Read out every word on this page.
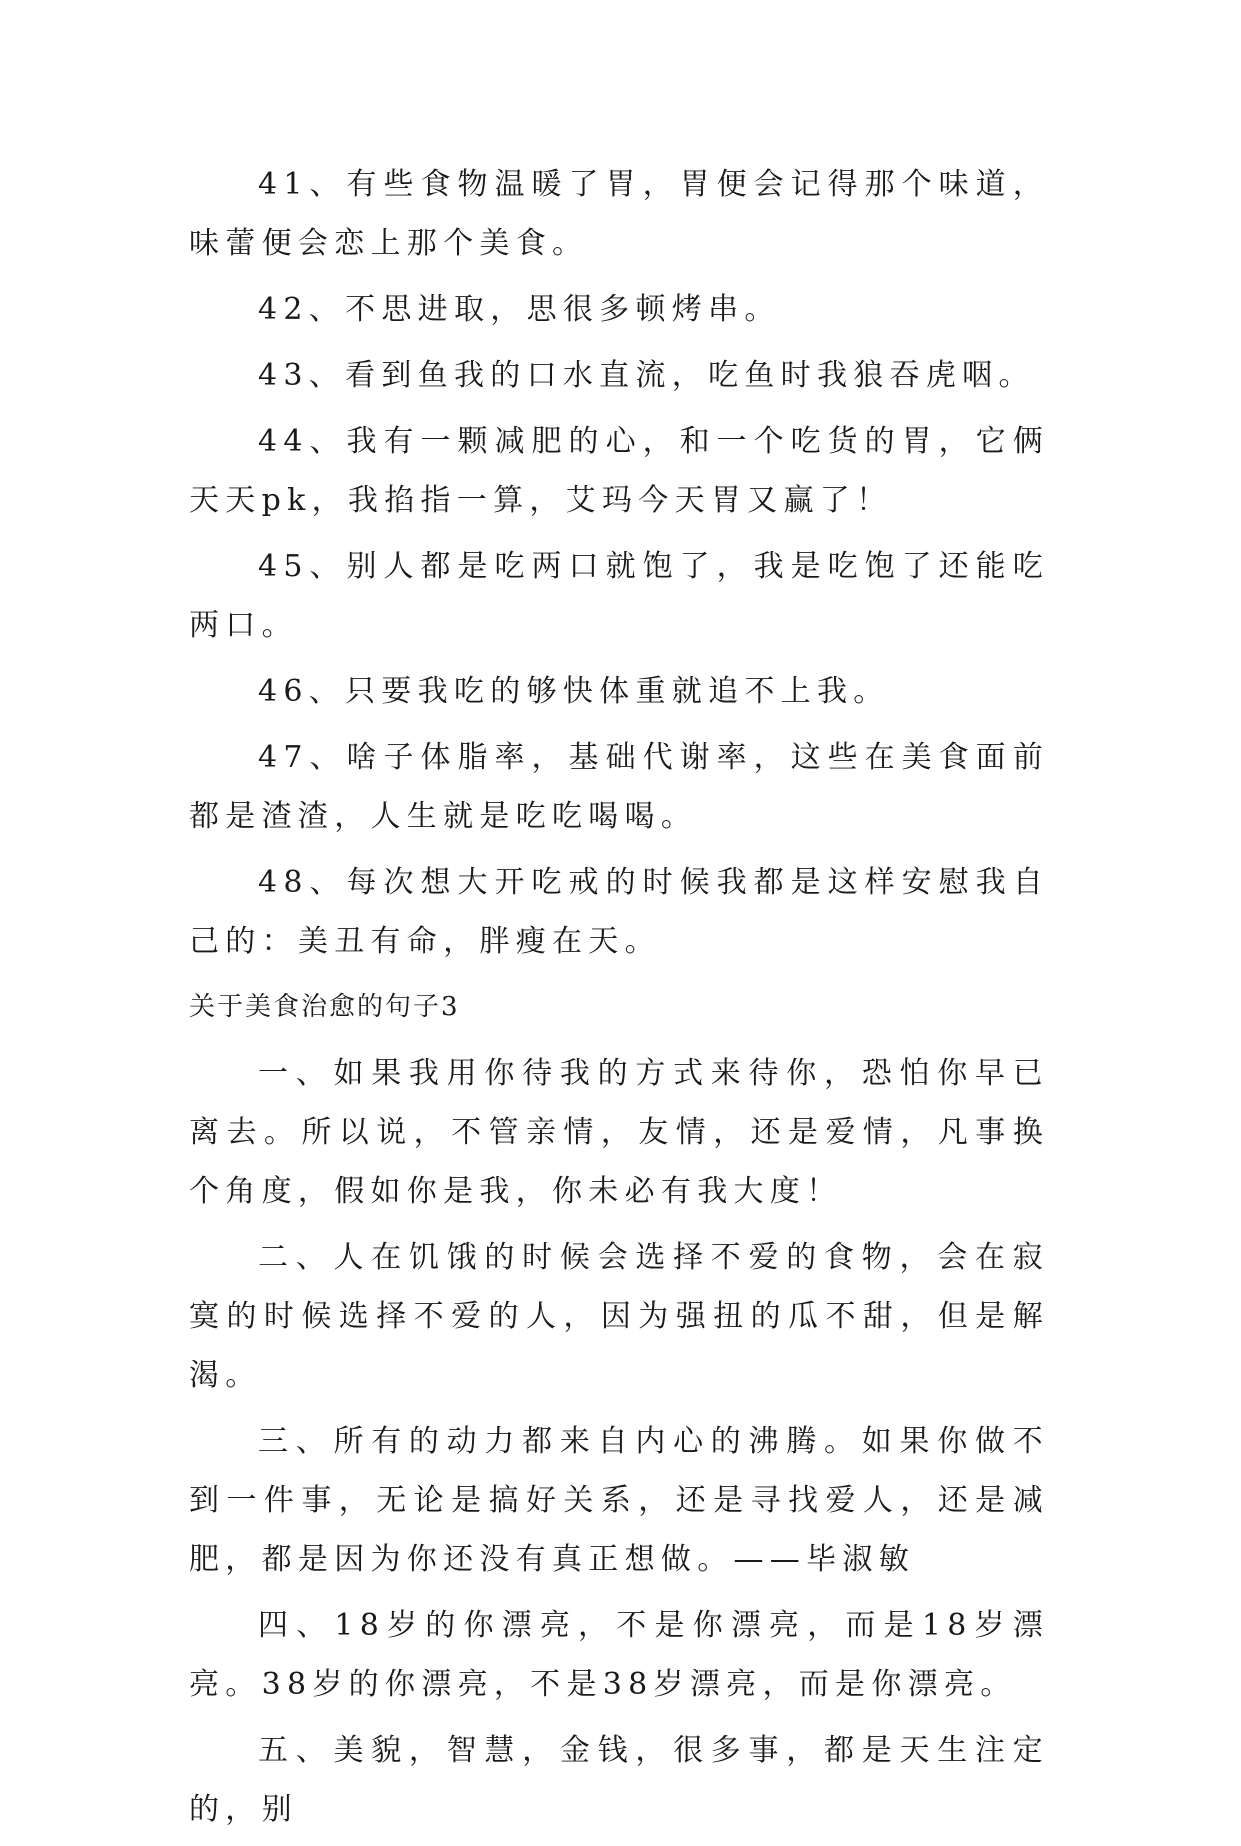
41、有些食物温暖了胃，胃便会记得那个味道，味蕾便会恋上那个美食。

42、不思进取，思很多顿烤串。

43、看到鱼我的口水直流，吃鱼时我狼吞虎咽。

44、我有一颗减肥的心，和一个吃货的胃，它俩天天pk，我掐指一算，艾玛今天胃又赢了！

45、别人都是吃两口就饱了，我是吃饱了还能吃两口。

46、只要我吃的够快体重就追不上我。

47、啥子体脂率，基础代谢率，这些在美食面前都是渣渣，人生就是吃吃喝喝。

48、每次想大开吃戒的时候我都是这样安慰我自己的：美丑有命，胖瘦在天。

关于美食治愈的句子3

一、如果我用你待我的方式来待你，恐怕你早已离去。所以说，不管亲情，友情，还是爱情，凡事换个角度，假如你是我，你未必有我大度！

二、人在饥饿的时候会选择不爱的食物，会在寂寞的时候选择不爱的人，因为强扭的瓜不甜，但是解渴。

三、所有的动力都来自内心的沸腾。如果你做不到一件事，无论是搞好关系，还是寻找爱人，还是减肥，都是因为你还没有真正想做。——毕淑敏

四、18岁的你漂亮，不是你漂亮，而是18岁漂亮。38岁的你漂亮，不是38岁漂亮，而是你漂亮。

五、美貌，智慧，金钱，很多事，都是天生注定的，别
